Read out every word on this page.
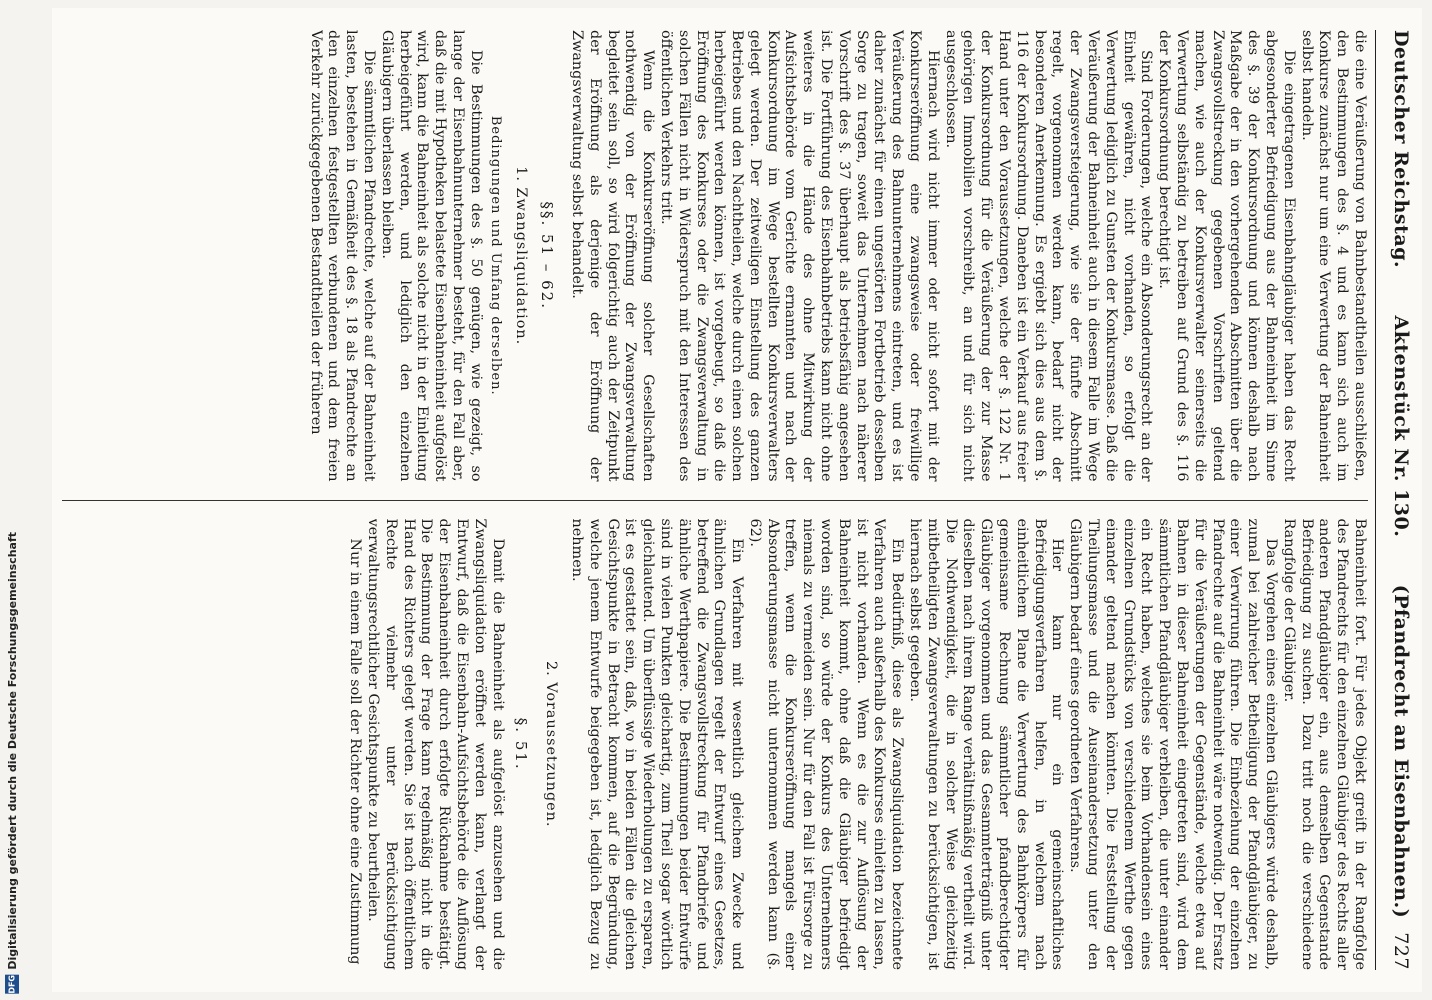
Deutscher Reichstag.
Aktenstück Nr. 130.
(Pfandrecht an Eisenbahnen.)
727

die eine Veräußerung von Bahnbestandtheilen ausschließen, den Bestimmungen des §. 4 und es kann sich auch im Konkurse zunächst nur um eine Verwertung der Bahneinheit selbst handeln.

Die eingetragenen Eisenbahngläubiger haben das Recht abgesonderter Befriedigung aus der Bahneinheit im Sinne des §. 39 der Konkursordnung und können deshalb nach Maßgabe der in den vorhergehenden Abschnitten über die Zwangsvollstreckung gegebenen Vorschriften geltend machen, wie auch der Konkursverwalter seinerseits die Verwertung selbständig zu betreiben auf Grund des §. 116 der Konkursordnung berechtigt ist.

Sind Forderungen, welche ein Absonderungsrecht an der Einheit gewähren, nicht vorhanden, so erfolgt die Verwertung lediglich zu Gunsten der Konkursmasse. Daß die Veräußerung der Bahneinheit auch in diesem Falle im Wege der Zwangsversteigerung, wie sie der fünfte Abschnitt regelt, vorgenommen werden kann, bedarf nicht der besonderen Anerkennung. Es ergiebt sich dies aus dem §. 116 der Konkursordnung. Daneben ist ein Verkauf aus freier Hand unter den Voraussetzungen, welche der §. 122 Nr. 1 der Konkursordnung für die Veräußerung der zur Masse gehörigen Immobilien vorschreibt, an und für sich nicht ausgeschlossen.

Hiernach wird nicht immer oder nicht sofort mit der Konkurseröffnung eine zwangsweise oder freiwillige Veräußerung des Bahnunternehmens eintreten, und es ist daher zunächst für einen ungestörten Fortbetrieb desselben Sorge zu tragen, soweit das Unternehmen nach näherer Vorschrift des §. 37 überhaupt als betriebsfähig angesehen ist. Die Fortführung des Eisenbahnbetriebs kann nicht ohne weiteres in die Hände des ohne Mitwirkung der Aufsichtsbehörde vom Gerichte ernannten und nach der Konkursordnung im Wege bestellten Konkursverwalters gelegt werden. Der zeitweiligen Einstellung des ganzen Betriebes und den Nachtheilen, welche durch einen solchen herbeigeführt werden können, ist vorgebeugt, so daß die Eröffnung des Konkurses oder die Zwangsverwaltung in solchen Fällen nicht in Widerspruch mit den Interessen des öffentlichen Verkehrs tritt.

Wenn die Konkurseröffnung solcher Gesellschaften nothwendig von der Eröffnung der Zwangsverwaltung begleitet sein soll, so wird folgerichtig auch der Zeitpunkt der Eröffnung als derjenige der Eröffnung der Zwangsverwaltung selbst behandelt.

§§. 51 – 62.

1. Zwangsliquidation.

Bedingungen und Umfang derselben.

Die Bestimmungen des §. 50 genügen, wie gezeigt, so lange der Eisenbahnunternehmer besteht, für den Fall aber, daß die mit Hypotheken belastete Eisenbahneinheit aufgelöst wird, kann die Bahneinheit als solche nicht in der Einleitung herbeigeführt werden, und lediglich den einzelnen Gläubigern überlassen bleiben.

Die sämmtlichen Pfandrechte, welche auf der Bahneinheit lasten, bestehen in Gemäßheit des §. 18 als Pfandrechte an den einzelnen festgestellten verbundenen und dem freien Verkehr zurückgegebenen Bestandtheilen der früheren

Bahneinheit fort. Für jedes Objekt greift in der Rangfolge des Pfandrechts für den einzelnen Gläubiger des Rechts aller anderen Pfandgläubiger ein, aus demselben Gegenstande Befriedigung zu suchen. Dazu tritt noch die verschiedene Rangfolge der Gläubiger.

Das Vorgehen eines einzelnen Gläubigers würde deshalb, zumal bei zahlreicher Betheiligung der Pfandgläubiger, zu einer Verwirrung führen. Die Einbeziehung der einzelnen Pfandrechte auf die Bahneinheit wäre notwendig. Der Ersatz für die Veräußerungen der Gegenstände, welche etwa auf Bahnen in dieser Bahneinheit eingetreten sind, wird dem sämmtlichen Pfandgläubiger verbleiben, die unter einander ein Recht haben, welches sie beim Vorhandensein eines einzelnen Grundstücks von verschiedenem Werthe gegen einander geltend machen könnten. Die Feststellung der Theilungsmasse und die Auseinandersetzung unter den Gläubigern bedarf eines geordneten Verfahrens.

Hier kann nur ein gemeinschaftliches Befriedigungsverfahren helfen, in welchem nach einheitlichem Plane die Verwertung des Bahnkörpers für gemeinsame Rechnung sämmtlicher pfandberechtigter Gläubiger vorgenommen und das Gesammterträgniß unter dieselben nach ihrem Range verhältnißmäßig vertheilt wird. Die Nothwendigkeit, die in solcher Weise gleichzeitig mitbetheiligten Zwangsverwaltungen zu berücksichtigen, ist hiernach selbst gegeben.

Ein Bedürfniß, diese als Zwangsliquidation bezeichnete Verfahren auch außerhalb des Konkurses einleiten zu lassen, ist nicht vorhanden. Wenn es die zur Auflösung der Bahneinheit kommt, ohne daß die Gläubiger befriedigt worden sind, so würde der Konkurs des Unternehmers niemals zu vermeiden sein. Nur für den Fall ist Fürsorge zu treffen, wenn die Konkurseröffnung mangels einer Absonderungsmasse nicht unternommen werden kann (§. 62).

Ein Verfahren mit wesentlich gleichem Zwecke und ähnlichen Grundlagen regelt der Entwurf eines Gesetzes, betreffend die Zwangsvollstreckung für Pfandbriefe und ähnliche Werthpapiere. Die Bestimmungen beider Entwürfe sind in vielen Punkten gleichartig, zum Theil sogar wörtlich gleichlautend. Um überflüssige Wiederholungen zu ersparen, ist es gestattet sein, daß, wo in beiden Fällen die gleichen Gesichtspunkte in Betracht kommen, auf die Begründung, welche jenem Entwurfe beigegeben ist, lediglich Bezug zu nehmen.

2. Voraussetzungen.

§. 51.

Damit die Bahneinheit als aufgelöst anzusehen und die Zwangsliquidation eröffnet werden kann, verlangt der Entwurf, daß die Eisenbahn-Aufsichtsbehörde die Auflösung der Eisenbahneinheit durch erfolgte Rücknahme bestätigt. Die Bestimmung der Frage kann regelmäßig nicht in die Hand des Richters gelegt werden. Sie ist nach öffentlichem Rechte vielmehr unter Berücksichtigung verwaltungsrechtlicher Gesichtspunkte zu beurtheilen.

Nur in einem Falle soll der Richter ohne eine Zustimmung

Digitalisierung gefördert durch die Deutsche Forschungsgemeinschaft
DFG
